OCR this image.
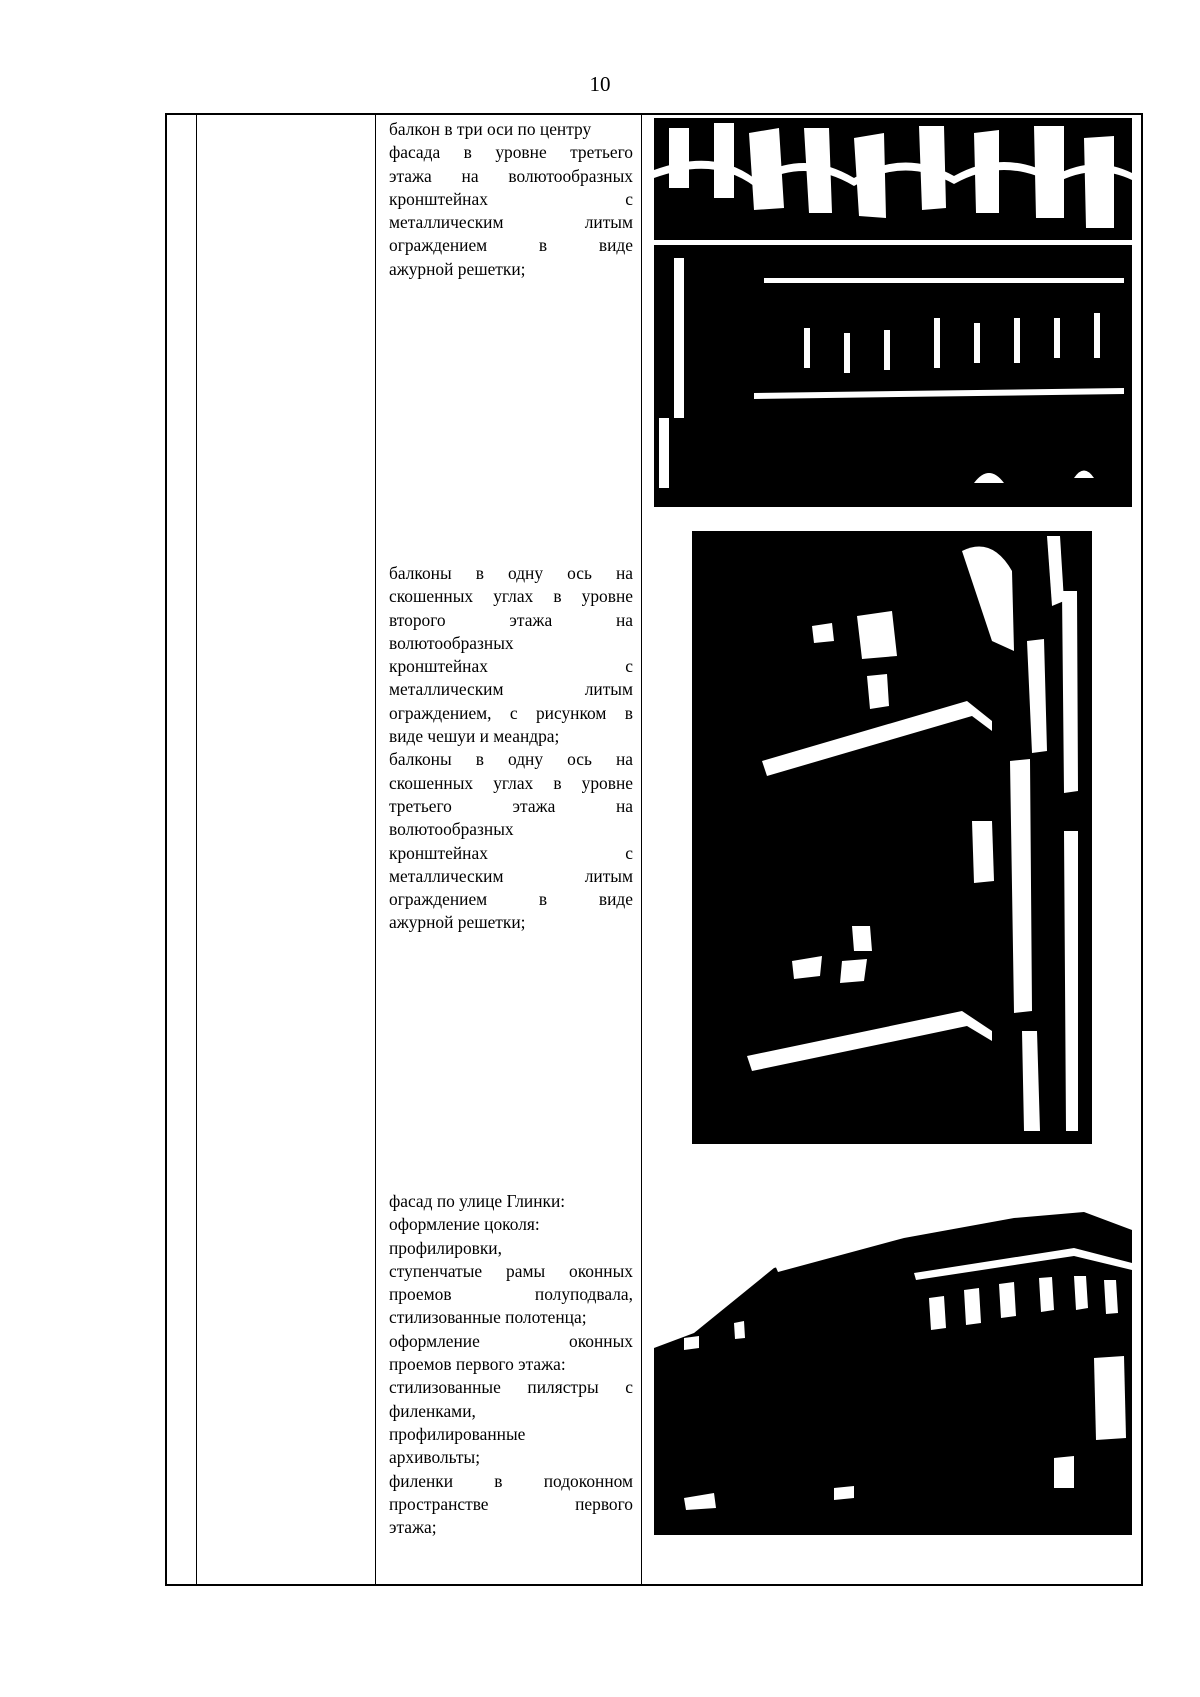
10
балкон в три оси по центру
фасада в уровне третьего
этажа на волютообразных
кронштейнах с
металлическим литым
ограждением в виде
ажурной решетки;
балконы в одну ось на
скошенных углах в уровне
второго этажа на
волютообразных
кронштейнах с
металлическим литым
ограждением, с рисунком в
виде чешуи и меандра;
балконы в одну ось на
скошенных углах в уровне
третьего этажа на
волютообразных
кронштейнах с
металлическим литым
ограждением в виде
ажурной решетки;
фасад по улице Глинки:
оформление цоколя:
профилировки,
ступенчатые рамы оконных
проемов полуподвала,
стилизованные полотенца;
оформление оконных
проемов первого этажа:
стилизованные пилястры с
филенками,
профилированные
архивольты;
филенки в подоконном
пространстве первого
этажа;
